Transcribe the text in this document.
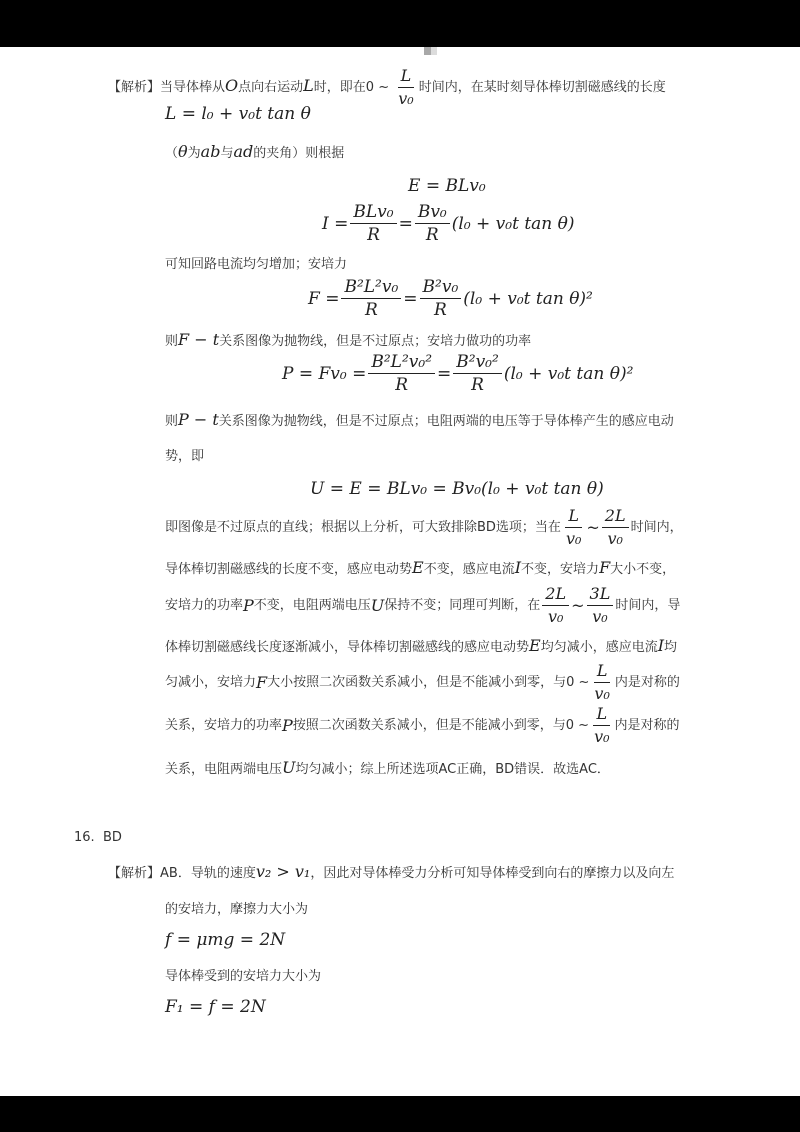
【解析】当导体棒从O点向右运动L时，即在0 ~ $\frac{L}{\text{v₀}}$ 时间内，在某时刻导体棒切割磁感线的长度
L = l₀ + v₀t tan θ
（θ为ab与ad的夹角）则根据
E = BLv₀
$I = \frac{\text{BLv₀}}{R} = \frac{\text{Bv₀}}{R} (l_0 + v_0t$ tan θ)
可知回路电流均匀增加；安培力
$F = \frac{\text{B²L²v₀}}{R} = \frac{\text{B²v₀}}{R} (l_0 + v_0t$ tan θ)²
则F − t关系图像为抛物线，但是不过原点；安培力做功的功率
$P = Fv_0 = \frac{\text{B²L²v₀²}}{R} = \frac{\text{B²v₀²}}{R} (l_0 + v_0t$ tan θ)²
则P − t关系图像为抛物线，但是不过原点；电阻两端的电压等于导体棒产生的感应电动
势，即
U = E = BLv₀ = Bv₀(l₀ + v₀t tan θ)
即图像是不过原点的直线；根据以上分析，可大致排除BD选项；当在 $\frac{L}{\text{v₀}}$ ~ $\frac{2L}{\text{v₀}}$ 时间内，
导体棒切割磁感线的长度不变，感应电动势E不变，感应电流I不变，安培力F大小不变，
安培力的功率 P 不变，电阻两端电压 U 保持不变；同理可判断，在 $\frac{2L}{\text{v₀}}$ ~ $\frac{3L}{\text{v₀}}$ 时间内，导
体棒切割磁感线长度逐渐减小，导体棒切割磁感线的感应电动势E均匀减小，感应电流I均
匀减小，安培力 F 大小按照二次函数关系减小，但是不能减小到零，与0 ~ $\frac{L}{\text{v₀}}$ 内是对称的
关系，安培力的功率 P 按照二次函数关系减小，但是不能减小到零，与0 ~ $\frac{L}{\text{v₀}}$ 内是对称的
关系，电阻两端电压U均匀减小；综上所述选项AC正确，BD错误．故选AC．
16. BD
【解析】AB．导轨的速度v₂ > v₁，因此对导体棒受力分析可知导体棒受到向右的摩擦力以及向左
的安培力，摩擦力大小为
f = μmg = 2N
导体棒受到的安培力大小为
F₁ = f = 2N
